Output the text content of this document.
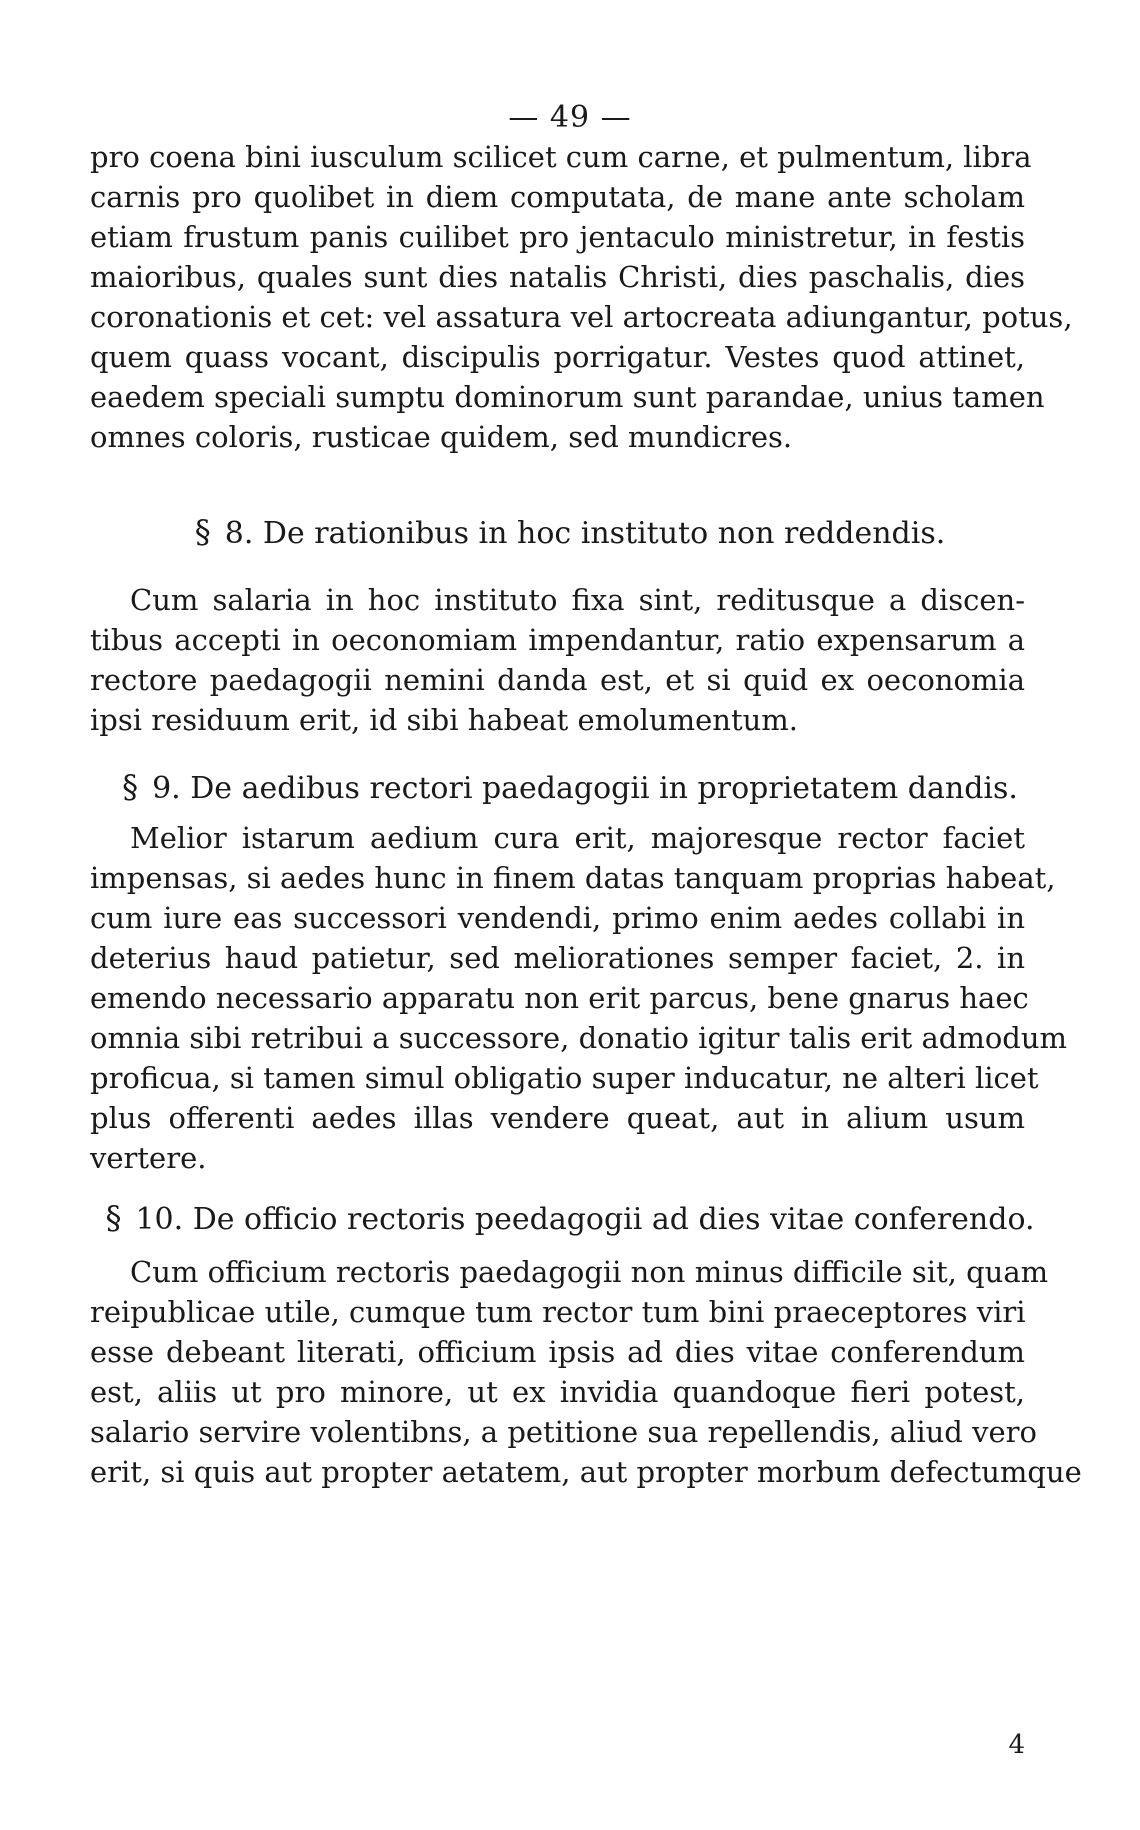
— 49 —
pro coena bini iusculum scilicet cum carne, et pulmentum, libra
carnis pro quolibet in diem computata, de mane ante scholam
etiam frustum panis cuilibet pro jentaculo ministretur, in festis
maioribus, quales sunt dies natalis Christi, dies paschalis, dies
coronationis et cet: vel assatura vel artocreata adiungantur, potus,
quem quass vocant, discipulis porrigatur. Vestes quod attinet,
eaedem speciali sumptu dominorum sunt parandae, unius tamen
omnes coloris, rusticae quidem, sed mundicres.
§ 8. De rationibus in hoc instituto non reddendis.
Cum salaria in hoc instituto fixa sint, reditusque a discen-
tibus accepti in oeconomiam impendantur, ratio expensarum a
rectore paedagogii nemini danda est, et si quid ex oeconomia
ipsi residuum erit, id sibi habeat emolumentum.
§ 9. De aedibus rectori paedagogii in proprietatem dandis.
Melior istarum aedium cura erit, majoresque rector faciet
impensas, si aedes hunc in finem datas tanquam proprias habeat,
cum iure eas successori vendendi, primo enim aedes collabi in
deterius haud patietur, sed meliorationes semper faciet, 2. in
emendo necessario apparatu non erit parcus, bene gnarus haec
omnia sibi retribui a successore, donatio igitur talis erit admodum
proficua, si tamen simul obligatio super inducatur, ne alteri licet
plus offerenti aedes illas vendere queat, aut in alium usum
vertere.
§ 10. De officio rectoris peedagogii ad dies vitae conferendo.
Cum officium rectoris paedagogii non minus difficile sit, quam
reipublicae utile, cumque tum rector tum bini praeceptores viri
esse debeant literati, officium ipsis ad dies vitae conferendum
est, aliis ut pro minore, ut ex invidia quandoque fieri potest,
salario servire volentibns, a petitione sua repellendis, aliud vero
erit, si quis aut propter aetatem, aut propter morbum defectumque
4
